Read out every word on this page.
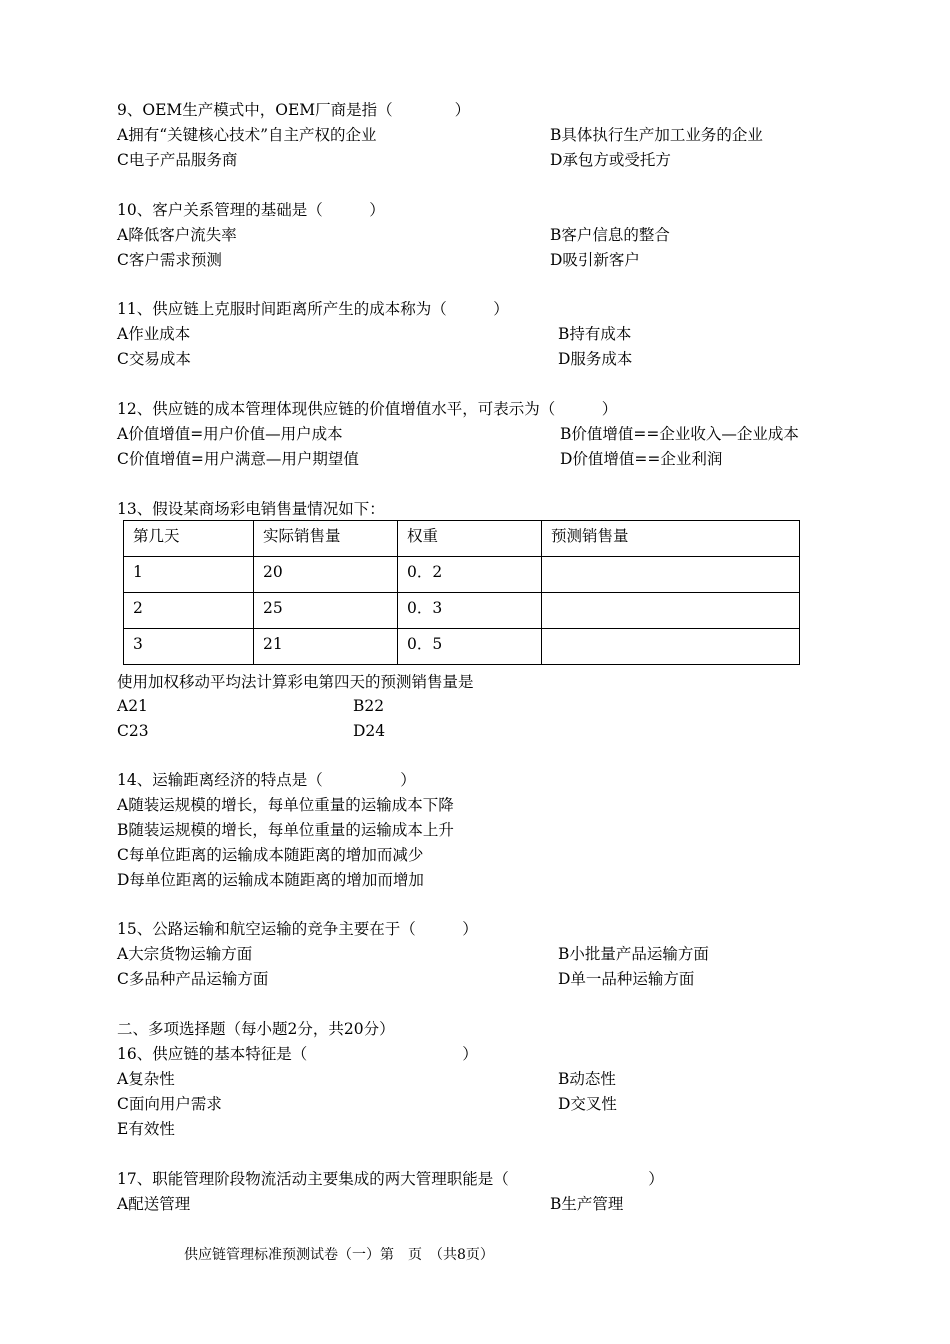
9、OEM生产模式中，OEM厂商是指（　　　　）
A拥有“关键核心技术”自主产权的企业	B具体执行生产加工业务的企业
C电子产品服务商	D承包方或受托方
10、客户关系管理的基础是（　　　）
A降低客户流失率	B客户信息的整合
C客户需求预测	D吸引新客户
11、供应链上克服时间距离所产生的成本称为（　　　）
A作业成本	B持有成本
C交易成本	D服务成本
12、供应链的成本管理体现供应链的价值增值水平，可表示为（　　　）
A价值增值=用户价值—用户成本	B价值增值==企业收入—企业成本
C价值增值=用户满意—用户期望值	D价值增值==企业利润
13、假设某商场彩电销售量情况如下：
第几天	实际销售量	权重	预测销售量
1	20	0．2	
2	25	0．3	
3	21	0．5	
使用加权移动平均法计算彩电第四天的预测销售量是
A21	B22
C23	D24
14、运输距离经济的特点是（　　　　　）
A随装运规模的增长，每单位重量的运输成本下降
B随装运规模的增长，每单位重量的运输成本上升
C每单位距离的运输成本随距离的增加而减少
D每单位距离的运输成本随距离的增加而增加
15、公路运输和航空运输的竞争主要在于（　　　）
A大宗货物运输方面	B小批量产品运输方面
C多品种产品运输方面	D单一品种运输方面
二、多项选择题（每小题2分，共20分）
16、供应链的基本特征是（　　　　　　　　　　）
A复杂性	B动态性
C面向用户需求	D交叉性
E有效性
17、职能管理阶段物流活动主要集成的两大管理职能是（　　　　　　　　　）
A配送管理	B生产管理
供应链管理标准预测试卷（一）第　页　（共8页）
